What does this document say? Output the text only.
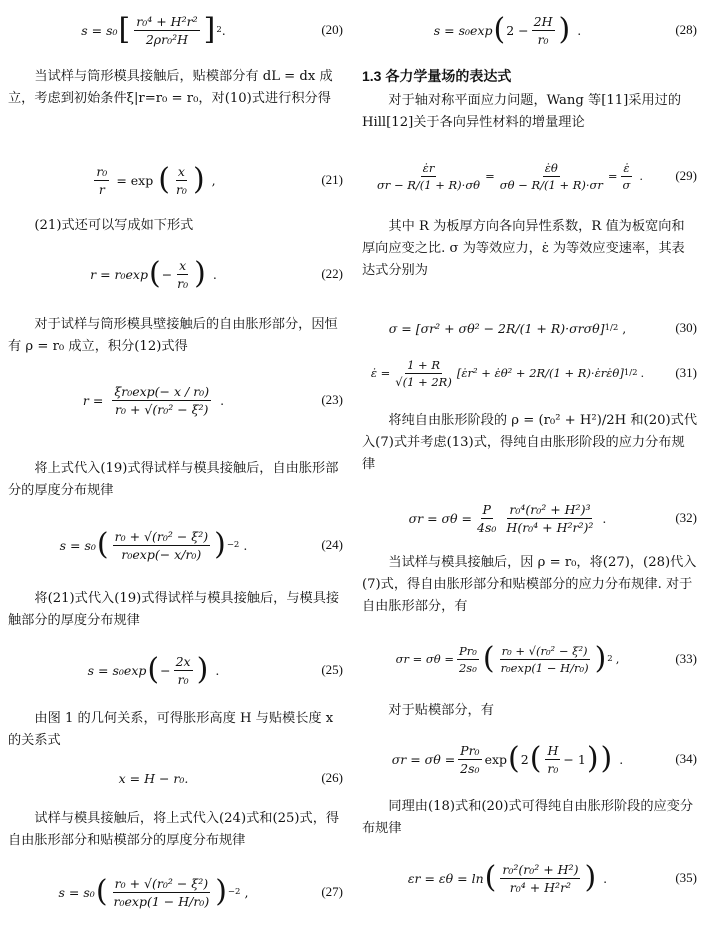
s = s₀ [ $\frac{\text{r₀⁴ + H²r²}}{\text{2ρr₀²H}}$ ] 2 .	(20)
当试样与筒形模具接触后，贴模部分有 dL = dx 成立，考虑到初始条件ξ|r=r₀ = r₀，对(10)式进行积分得
$\frac{\text{r₀}}{r} = \exp$ ( $\frac{x}{\text{r₀}}$ ) ,	(21)
(21)式还可以写成如下形式
r = r₀exp ( − $\frac{x}{\text{r₀}}$ ) .	(22)
对于试样与筒形模具壁接触后的自由胀形部分，因恒有 ρ = r₀ 成立，积分(12)式得
$r = \frac{\text{ξr₀exp(− x / r₀)}}{\text{r₀ + √(r₀² − ξ²)}}$ .	(23)
将上式代入(19)式得试样与模具接触后，自由胀形部分的厚度分布规律
s = s₀ ( $\frac{\text{r₀ + √(r₀² − ξ²)}}{\text{r₀exp(− x/r₀)}}$ ) −2 .	(24)
将(21)式代入(19)式得试样与模具接触后，与模具接触部分的厚度分布规律
s = s₀exp ( − $\frac{2x}{\text{r₀}}$ ) .	(25)
由图 1 的几何关系，可得胀形高度 H 与贴模长度 x 的关系式
x = H − r₀.	(26)
试样与模具接触后，将上式代入(24)式和(25)式，得自由胀形部分和贴模部分的厚度分布规律
s = s₀ ( $\frac{\text{r₀ + √(r₀² − ξ²)}}{\text{r₀exp(1 − H/r₀)}}$ ) −2 ,	(27)
s = s₀exp ( $2 - \frac{2H}{\text{r₀}}$ ) .	(28)
1.3 各力学量场的表达式
对于轴对称平面应力问题，Wang 等[11]采用过的 Hill[12]关于各向异性材料的增量理论
$\frac{\varepsiloṅr}{\sigma r - R/(1 + R)\cdot\sigma\theta} = \frac{\varepsiloṅ\theta}{\sigma\theta - R/(1 + R)\cdot\sigma r} = \frac{\varepsiloṅ}{\sigma}$ .	(29)
其中 R 为板厚方向各向异性系数，R 值为板宽向和厚向应变之比. σ 为等效应力，ε̇ 为等效应变速率，其表达式分别为
σ = [σr² + σθ² − 2R/(1 + R)·σrσθ] 1/2 ,	(30)
ε̇ = $\frac{1 + R}{√(1 + 2R)}$ [ε̇r² + ε̇θ² + 2R/(1 + R)·ε̇rε̇θ] 1/2 .	(31)
将纯自由胀形阶段的 ρ = (r₀² + H²)/2H 和(20)式代入(7)式并考虑(13)式，得纯自由胀形阶段的应力分布规律
$\sigma r = \sigma\theta = \frac{P}{\text{4s₀}} \frac{\text{r₀⁴(r₀² + H²)³}}{\text{H(r₀⁴ + H²r²)²}}$ .	(32)
当试样与模具接触后，因 ρ = r₀，将(27)，(28)代入(7)式，得自由胀形部分和贴模部分的应力分布规律. 对于自由胀形部分，有
$\sigma r = \sigma\theta = \frac{\text{Pr₀}}{\text{2s₀}}$ ( $\frac{\text{r₀ + √(r₀² − ξ²)}}{\text{r₀exp(1 − H/r₀)}}$ ) 2 ,	(33)
对于贴模部分，有
$\sigma r = \sigma\theta = \frac{\text{Pr₀}}{\text{2s₀}}$ exp ( 2 ( $\frac{H}{\text{r₀}} - 1$ ) ) .	(34)
同理由(18)式和(20)式可得纯自由胀形阶段的应变分布规律
εr = εθ = ln ( $\frac{\text{r₀²(r₀² + H²)}}{\text{r₀⁴ + H²r²}}$ ) .	(35)
